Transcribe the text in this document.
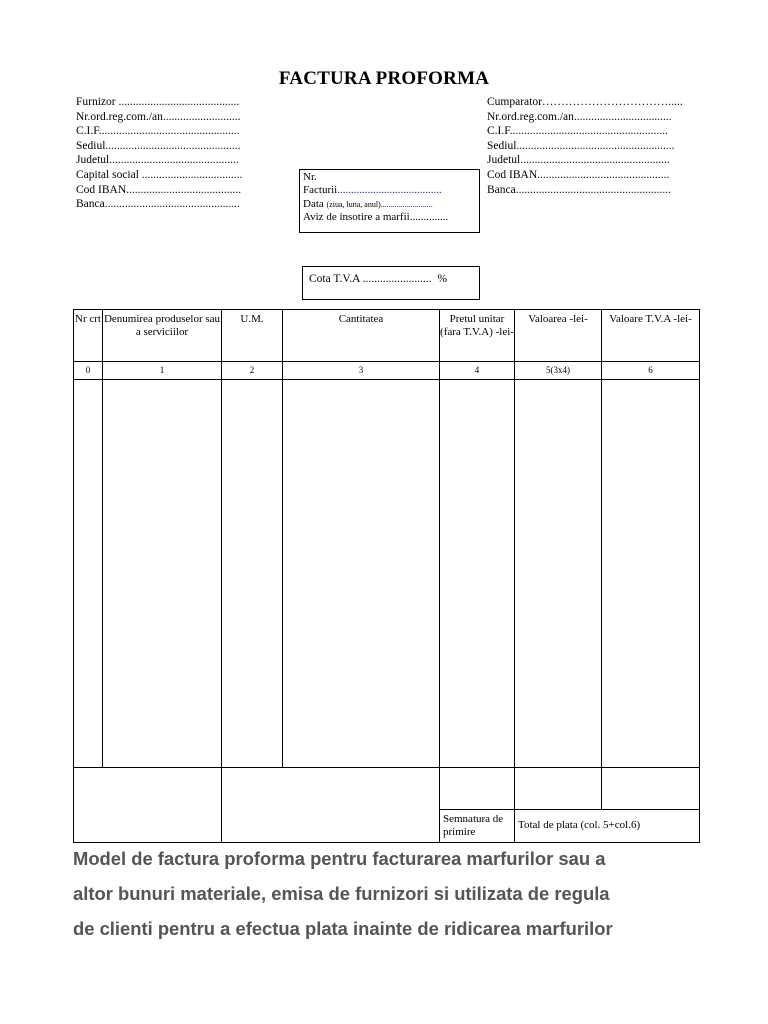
FACTURA PROFORMA
Furnizor ..........................................
Nr.ord.reg.com./an...........................
C.I.F.................................................
Sediul...............................................
Judetul.............................................
Capital social ...................................
Cod IBAN........................................
Banca...............................................
Cumparator…………………………….....
Nr.ord.reg.com./an..................................
C.I.F.......................................................
Sediul.......................................................
Judetul....................................................
Cod IBAN..............................................
Banca......................................................
Nr.
Facturii......................................
Data (ziua, luna, anul)..........................
Aviz de insotire a marfii..............
Cota T.V.A ........................ %
Nr crt	Denumirea produselor sau a serviciilor	U.M.	Cantitatea	Pretul unitar (fara T.V.A) -lei-	Valoarea -lei-	Valoare T.V.A -lei-
0	1	2	3	4	5(3x4)	6

				Semnatura de primire	Total de plata (col. 5+col.6)	
Model de factura proforma pentru facturarea marfurilor sau a
altor bunuri materiale, emisa de furnizori si utilizata de regula
de clienti pentru a efectua plata inainte de ridicarea marfurilor
